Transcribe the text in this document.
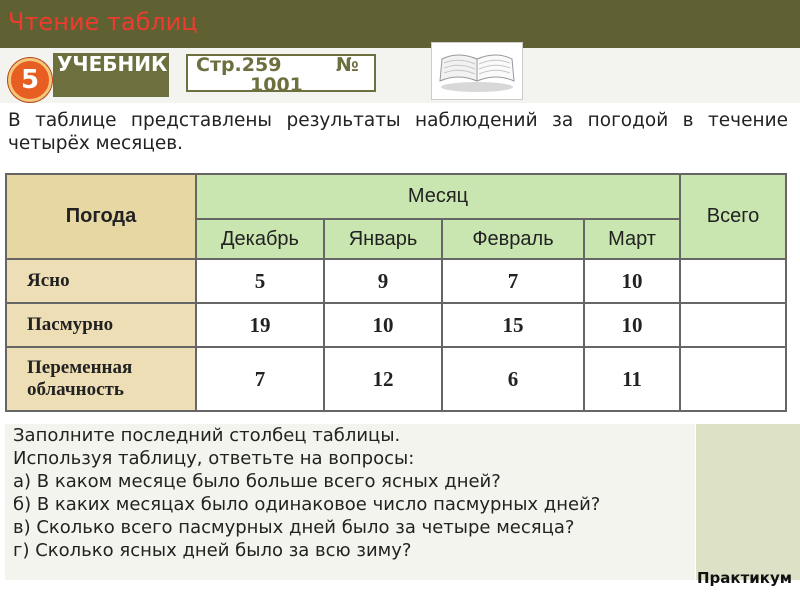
Чтение таблиц
5
УЧЕБНИК Стр.259	№
1001
В таблице представлены результаты наблюдений за погодой в течение четырёх месяцев.
Погода	Месяц				Всего
	Декабрь	Январь	Февраль	Март	
Ясно	5	9	7	10	
Пасмурно	19	10	15	10	
Переменная
облачность	7	12	6	11	
Заполните последний столбец таблицы.
Используя таблицу, ответьте на вопросы:
а) В каком месяце было больше всего ясных дней?
б) В каких месяцах было одинаковое число пасмурных дней?
в) Сколько всего пасмурных дней было за четыре месяца?
г) Сколько ясных дней было за всю зиму?
Практикум
